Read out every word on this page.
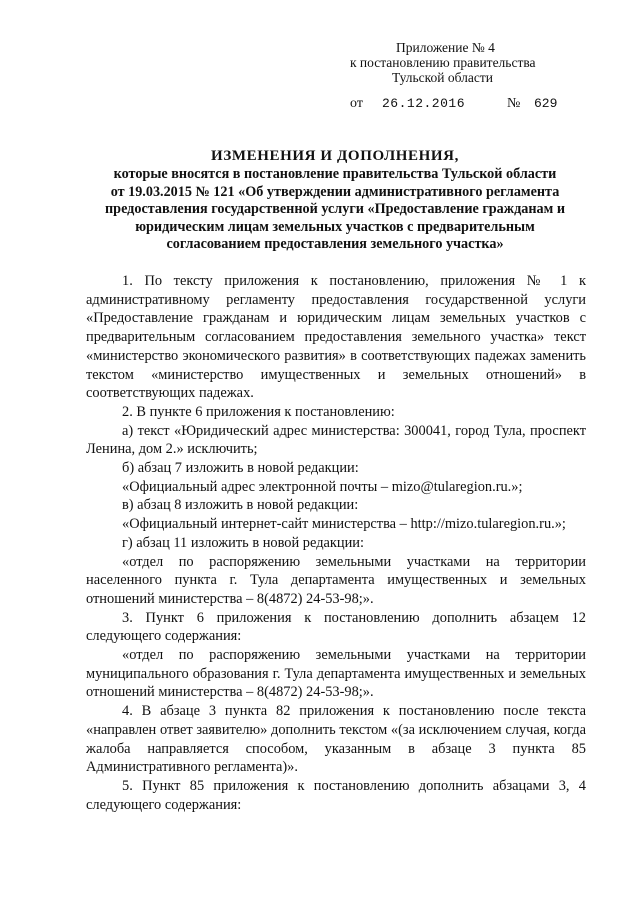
Приложение № 4
к постановлению правительства
Тульской области
от 26.12.2016	№ 629
ИЗМЕНЕНИЯ И ДОПОЛНЕНИЯ,
которые вносятся в постановление правительства Тульской области
от 19.03.2015 № 121 «Об утверждении административного регламента
предоставления государственной услуги «Предоставление гражданам и
юридическим лицам земельных участков с предварительным
согласованием предоставления земельного участка»

1. По тексту приложения к постановлению, приложения № 1 к административному регламенту предоставления государственной услуги «Предоставление гражданам и юридическим лицам земельных участков с предварительным согласованием предоставления земельного участка» текст «министерство экономического развития» в соответствующих падежах заменить текстом «министерство имущественных и земельных отношений» в соответствующих падежах.

2. В пункте 6 приложения к постановлению:

а) текст «Юридический адрес министерства: 300041, город Тула, проспект Ленина, дом 2.» исключить;

б) абзац 7 изложить в новой редакции:

«Официальный адрес электронной почты – mizo@tularegion.ru.»;

в) абзац 8 изложить в новой редакции:

«Официальный интернет-сайт министерства – http://mizo.tularegion.ru.»;

г) абзац 11 изложить в новой редакции:

«отдел по распоряжению земельными участками на территории населенного пункта г. Тула департамента имущественных и земельных отношений министерства – 8(4872) 24-53-98;».

3. Пункт 6 приложения к постановлению дополнить абзацем 12 следующего содержания:

«отдел по распоряжению земельными участками на территории муниципального образования г. Тула департамента имущественных и земельных отношений министерства – 8(4872) 24-53-98;».

4. В абзаце 3 пункта 82 приложения к постановлению после текста «направлен ответ заявителю» дополнить текстом «(за исключением случая, когда жалоба направляется способом, указанным в абзаце 3 пункта 85 Административного регламента)».

5. Пункт 85 приложения к постановлению дополнить абзацами 3, 4 следующего содержания:
